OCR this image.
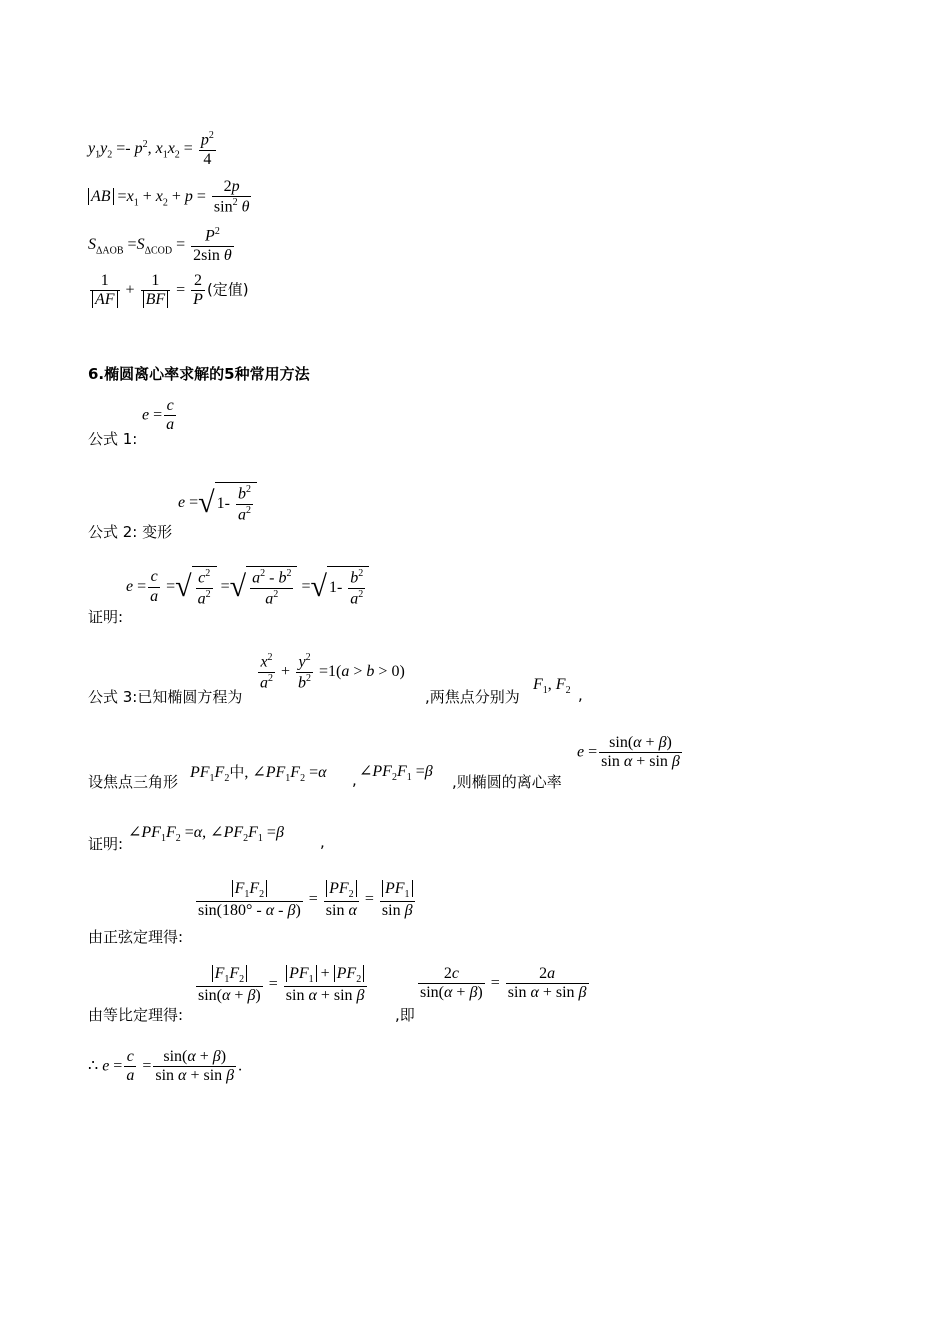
$y_1y_2 =- p^2$, $x_1x_2 = \frac{p^2}{4}$
AB $=x_1 + x_2 + p = \frac{2p}{\sin^2 \theta}$
$S_{\Delta AOB} =S_{\Delta COD} = \frac{P^2}{\text{2sin θ}}$
$\frac{1}{AF} + \frac{1}{BF} = \frac{2}{P}$ (定值)
6.椭圆离心率求解的5种常用方法
公式 1:
$e = \frac{c}{a}$
公式 2: 变形
e =√ $1- \frac{b^2}{a^2}$
证明:
$e = \frac{c}{a}$ =√ $\frac{c^2}{a^2}$ =√ $\frac{a^2 - b^2}{a^2}$ =√ $1- \frac{b^2}{a^2}$
公式 3:已知椭圆方程为
$\frac{x^2}{a^2} + \frac{y^2}{b^2} =1(a > b > 0)$
,两焦点分别为
$F_1$, $F_2$ ,
设焦点三角形
$PF_1F_2$中, $\angle PF_1F_2 =\alpha$ , $\angle PF_2F_1 =\beta$
,则椭圆的离心率
$e = \frac{\sin(\alpha + \beta)}{\text{sin α + sin β}}$
证明:
$\angle PF_1F_2 =\alpha$, $\angle PF_2F_1 =\beta$
,
由正弦定理得:
$\frac{F_1F_2}{\sin(180^\circ - \alpha - \beta)} = \frac{PF_2}{\text{sin α}} = \frac{PF_1}{\text{sin β}}$
由等比定理得:
$\frac{F_1F_2}{\sin(\alpha + \beta)} = \frac{PF_1 + PF_2}{\text{sin α + sin β}}$
,即
$\frac{2c}{\sin(\alpha + \beta)} = \frac{2a}{\text{sin α + sin β}}$
∴ $e = \frac{c}{a} = \frac{\sin(\alpha + \beta)}{\text{sin α + sin β}}$ .
